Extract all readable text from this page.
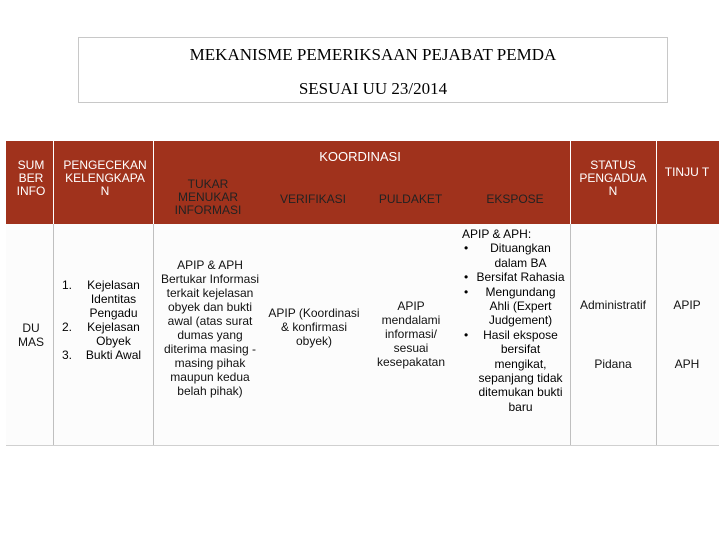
MEKANISME PEMERIKSAAN PEJABAT PEMDA
SESUAI UU 23/2014
SUM BER INFO
PENGECEKAN KELENGKAPA N
KOORDINASI
TUKAR MENUKAR INFORMASI
VERIFIKASI	PULDAKET	EKSPOSE
STATUS PENGADUA N
TINJU T
DU MAS
1. Kejelasan Identitas Pengadu
2. Kejelasan Obyek
3. Bukti Awal
APIP & APH Bertukar Informasi terkait kejelasan obyek dan bukti awal (atas surat dumas yang diterima masing -masing pihak maupun kedua belah pihak)
APIP (Koordinasi & konfirmasi obyek)
APIP mendalami informasi/ sesuai kesepakatan
APIP & APH:
• Dituangkan dalam BA
• Bersifat Rahasia
• Mengundang Ahli (Expert Judgement)
• Hasil ekspose bersifat mengikat, sepanjang tidak ditemukan bukti baru
Administratif
Pidana
APIP
APH
